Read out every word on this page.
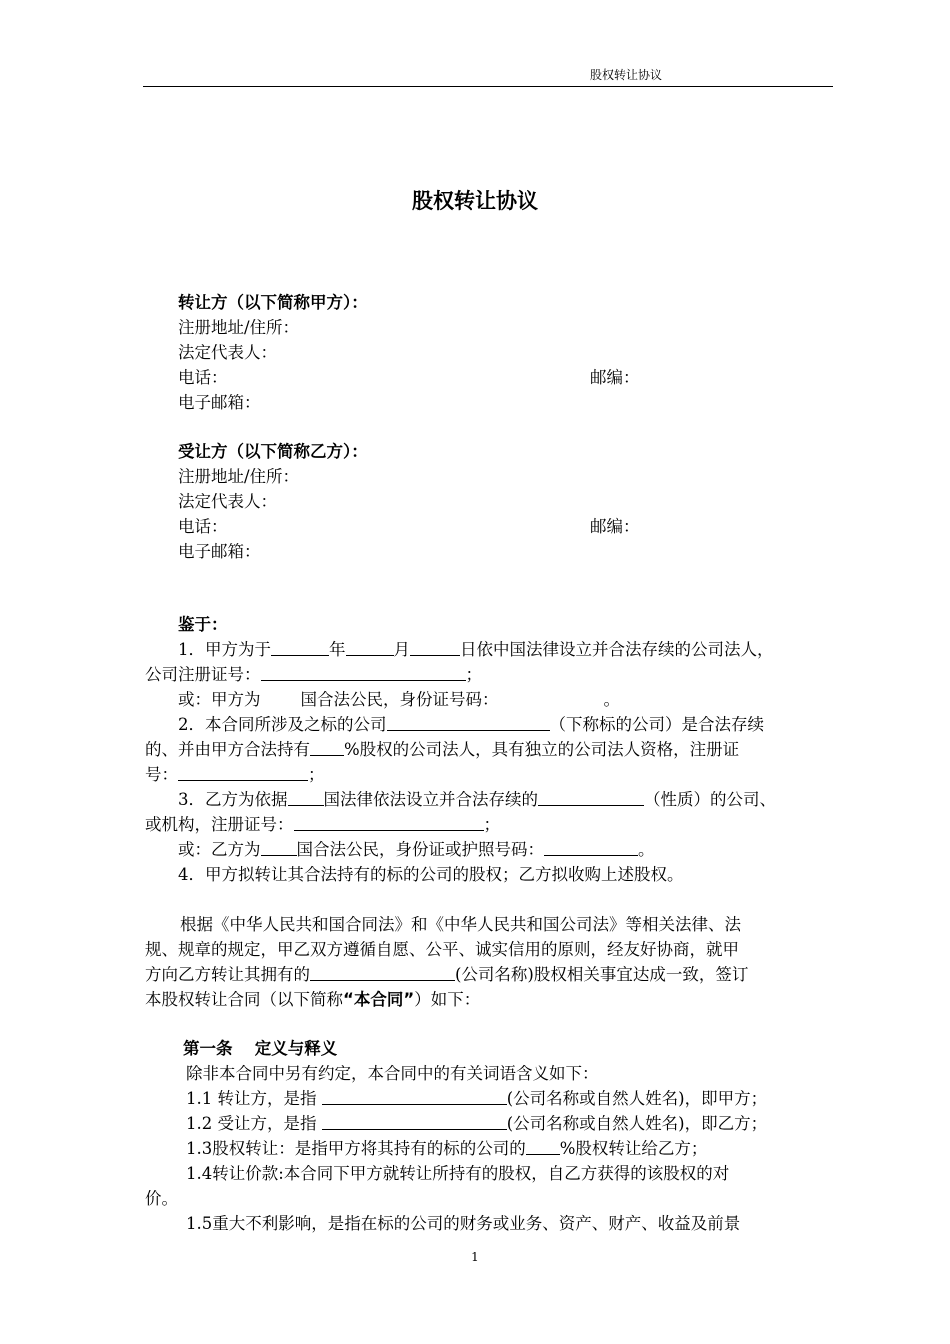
股权转让协议
股权转让协议
转让方（以下简称甲方）：
注册地址/住所：
法定代表人：
电话：	邮编：
电子邮箱：
受让方（以下简称乙方）：
注册地址/住所：
法定代表人：
电话：	邮编：
电子邮箱：
鉴于：
1．甲方为于	年	月	日依中国法律设立并合法存续的公司法人，
公司注册证号：	；
或：甲方为 国合法公民，身份证号码：	。
2．本合同所涉及之标的公司	（下称标的公司）是合法存续
的、并由甲方合法持有 %股权的公司法人，具有独立的公司法人资格，注册证
号：	；
3．乙方为依据 国法律依法设立并合法存续的	（性质）的公司、
或机构，注册证号：	；
或：乙方为 国合法公民，身份证或护照号码：	。
4．甲方拟转让其合法持有的标的公司的股权；乙方拟收购上述股权。
根据《中华人民共和国合同法》和《中华人民共和国公司法》等相关法律、法
规、规章的规定，甲乙双方遵循自愿、公平、诚实信用的原则，经友好协商，就甲
方向乙方转让其拥有的	(公司名称)股权相关事宜达成一致，签订
本股权转让合同（以下简称“本合同”）如下：
第一条　 定义与释义
除非本合同中另有约定，本合同中的有关词语含义如下：
1.1 转让方，是指	(公司名称或自然人姓名)，即甲方；
1.2 受让方，是指	(公司名称或自然人姓名)，即乙方；
1.3股权转让：是指甲方将其持有的标的公司的 %股权转让给乙方；
1.4转让价款:本合同下甲方就转让所持有的股权，自乙方获得的该股权的对
价。
1.5重大不利影响，是指在标的公司的财务或业务、资产、财产、收益及前景
1
